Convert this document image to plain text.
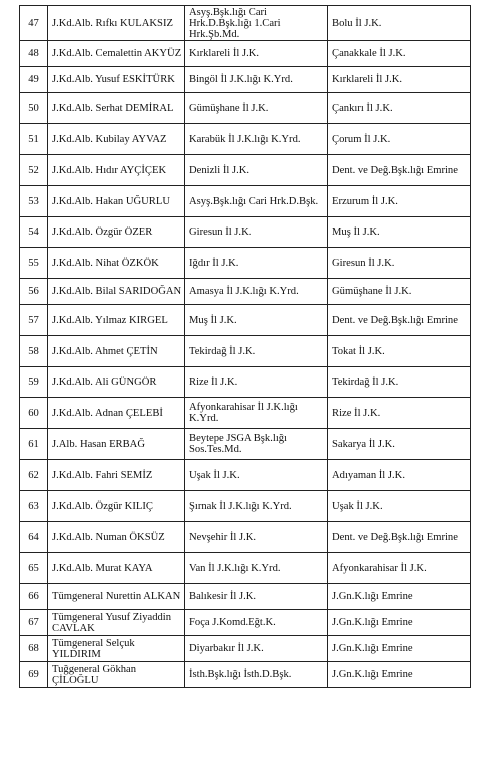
47	J.Kd.Alb. Rıfkı KULAKSIZ	Asyş.Bşk.lığı Cari Hrk.D.Bşk.lığı 1.Cari Hrk.Şb.Md.	Bolu İl J.K.
48	J.Kd.Alb. Cemalettin AKYÜZ	Kırklareli İl J.K.	Çanakkale İl J.K.
49	J.Kd.Alb. Yusuf ESKİTÜRK	Bingöl İl J.K.lığı K.Yrd.	Kırklareli İl J.K.
50	J.Kd.Alb. Serhat DEMİRAL	Gümüşhane İl J.K.	Çankırı İl J.K.
51	J.Kd.Alb. Kubilay AYVAZ	Karabük İl J.K.lığı K.Yrd.	Çorum İl J.K.
52	J.Kd.Alb. Hıdır AYÇİÇEK	Denizli İl J.K.	Dent. ve Değ.Bşk.lığı Emrine
53	J.Kd.Alb. Hakan UĞURLU	Asyş.Bşk.lığı Cari Hrk.D.Bşk.	Erzurum İl J.K.
54	J.Kd.Alb. Özgür ÖZER	Giresun İl J.K.	Muş İl J.K.
55	J.Kd.Alb. Nihat ÖZKÖK	Iğdır İl J.K.	Giresun İl J.K.
56	J.Kd.Alb. Bilal SARIDOĞAN	Amasya İl J.K.lığı K.Yrd.	Gümüşhane İl J.K.
57	J.Kd.Alb. Yılmaz KIRGEL	Muş İl J.K.	Dent. ve Değ.Bşk.lığı Emrine
58	J.Kd.Alb. Ahmet ÇETİN	Tekirdağ İl J.K.	Tokat İl J.K.
59	J.Kd.Alb. Ali GÜNGÖR	Rize İl J.K.	Tekirdağ İl J.K.
60	J.Kd.Alb. Adnan ÇELEBİ	Afyonkarahisar İl J.K.lığı K.Yrd.	Rize İl J.K.
61	J.Alb. Hasan ERBAĞ	Beytepe JSGA Bşk.lığı Sos.Tes.Md.	Sakarya İl J.K.
62	J.Kd.Alb. Fahri SEMİZ	Uşak İl J.K.	Adıyaman İl J.K.
63	J.Kd.Alb. Özgür KILIÇ	Şırnak İl J.K.lığı K.Yrd.	Uşak İl J.K.
64	J.Kd.Alb. Numan ÖKSÜZ	Nevşehir İl J.K.	Dent. ve Değ.Bşk.lığı Emrine
65	J.Kd.Alb. Murat KAYA	Van İl J.K.lığı K.Yrd.	Afyonkarahisar İl J.K.
66	Tümgeneral Nurettin ALKAN	Balıkesir İl J.K.	J.Gn.K.lığı Emrine
67	Tümgeneral Yusuf Ziyaddin CAVLAK	Foça J.Komd.Eğt.K.	J.Gn.K.lığı Emrine
68	Tümgeneral Selçuk YILDIRIM	Diyarbakır İl J.K.	J.Gn.K.lığı Emrine
69	Tuğgeneral Gökhan ÇİLOĞLU	İsth.Bşk.lığı İsth.D.Bşk.	J.Gn.K.lığı Emrine
